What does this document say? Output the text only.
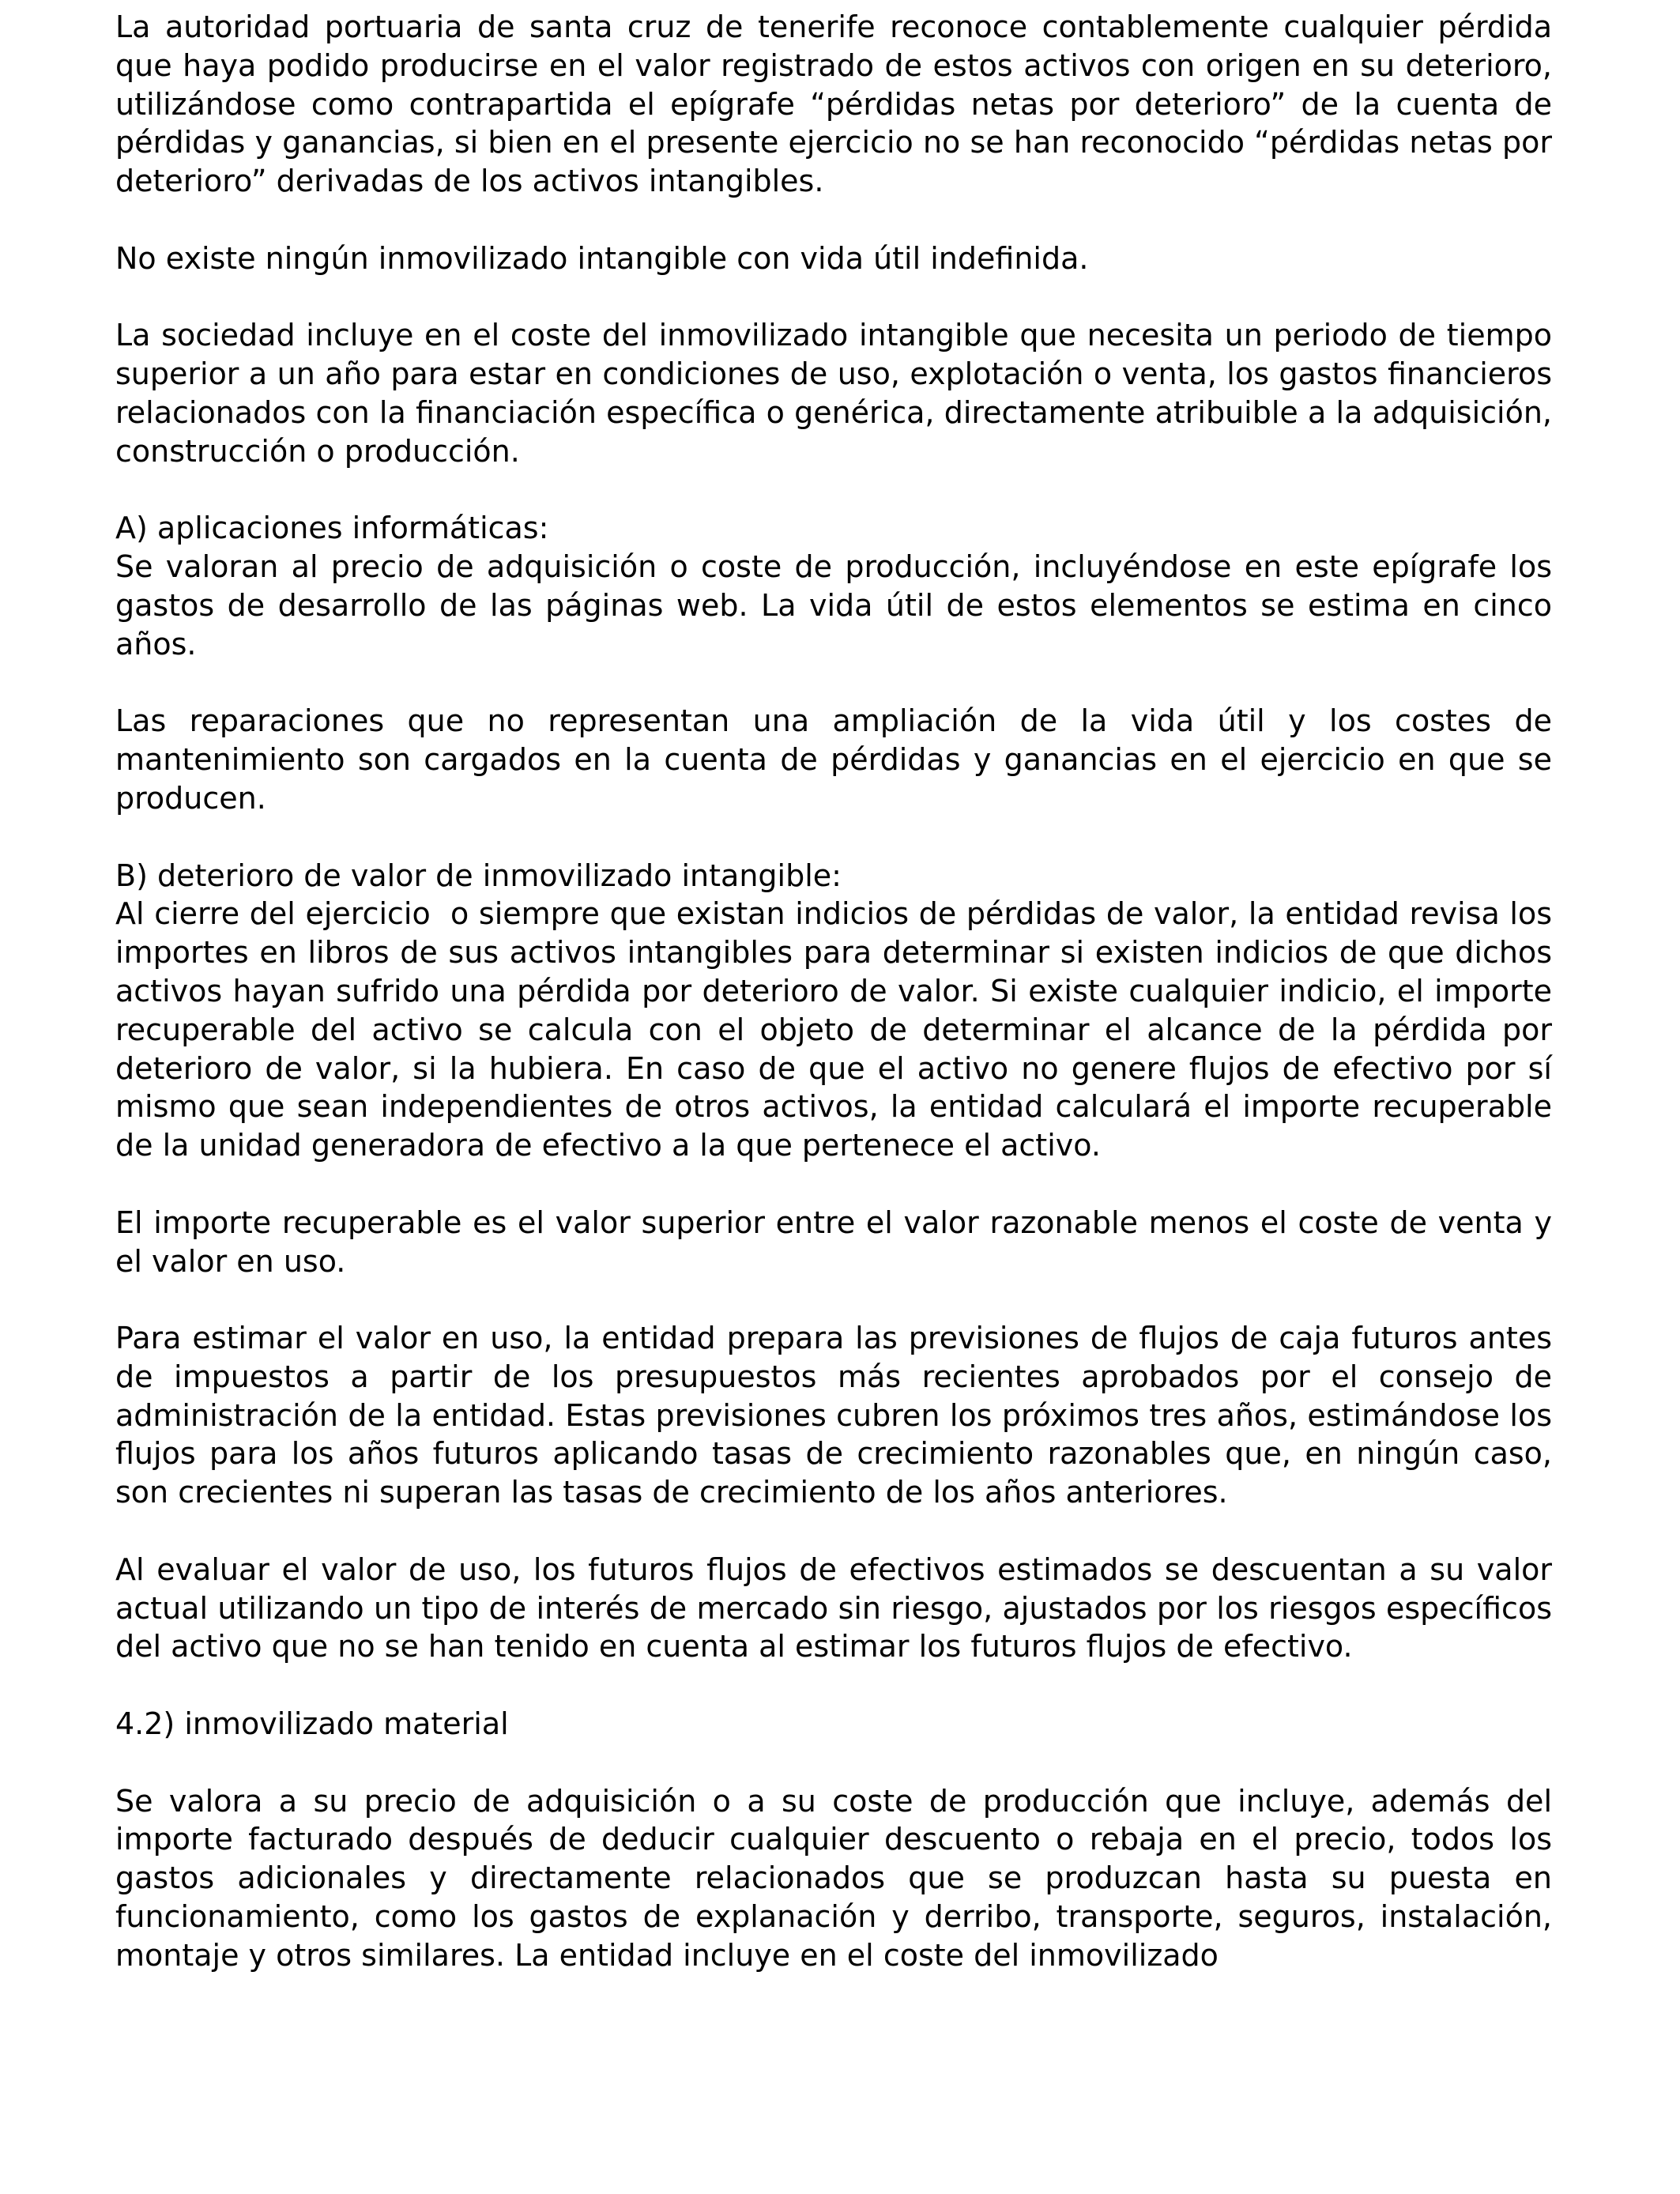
La autoridad portuaria de santa cruz de tenerife reconoce contablemente cualquier pérdida que haya podido producirse en el valor registrado de estos activos con origen en su deterioro, utilizándose como contrapartida el epígrafe “pérdidas netas por deterioro” de la cuenta de pérdidas y ganancias, si bien en el presente ejercicio no se han reconocido “pérdidas netas por deterioro” derivadas de los activos intangibles.

No existe ningún inmovilizado intangible con vida útil indefinida.

La sociedad incluye en el coste del inmovilizado intangible que necesita un periodo de tiempo superior a un año para estar en condiciones de uso, explotación o venta, los gastos financieros relacionados con la financiación específica o genérica, directamente atribuible a la adquisición, construcción o producción.

A) aplicaciones informáticas:

Se valoran al precio de adquisición o coste de producción, incluyéndose en este epígrafe los gastos de desarrollo de las páginas web. La vida útil de estos elementos se estima en cinco años.

Las reparaciones que no representan una ampliación de la vida útil y los costes de mantenimiento son cargados en la cuenta de pérdidas y ganancias en el ejercicio en que se producen.

B) deterioro de valor de inmovilizado intangible:

Al cierre del ejercicio  o siempre que existan indicios de pérdidas de valor, la entidad revisa los importes en libros de sus activos intangibles para determinar si existen indicios de que dichos activos hayan sufrido una pérdida por deterioro de valor. Si existe cualquier indicio, el importe recuperable del activo se calcula con el objeto de determinar el alcance de la pérdida por deterioro de valor, si la hubiera. En caso de que el activo no genere flujos de efectivo por sí mismo que sean independientes de otros activos, la entidad calculará el importe recuperable de la unidad generadora de efectivo a la que pertenece el activo.

El importe recuperable es el valor superior entre el valor razonable menos el coste de venta y el valor en uso.

Para estimar el valor en uso, la entidad prepara las previsiones de flujos de caja futuros antes de impuestos a partir de los presupuestos más recientes aprobados por el consejo de administración de la entidad. Estas previsiones cubren los próximos tres años, estimándose los flujos para los años futuros aplicando tasas de crecimiento razonables que, en ningún caso, son crecientes ni superan las tasas de crecimiento de los años anteriores.

Al evaluar el valor de uso, los futuros flujos de efectivos estimados se descuentan a su valor actual utilizando un tipo de interés de mercado sin riesgo, ajustados por los riesgos específicos del activo que no se han tenido en cuenta al estimar los futuros flujos de efectivo.

4.2) inmovilizado material

Se valora a su precio de adquisición o a su coste de producción que incluye, además del importe facturado después de deducir cualquier descuento o rebaja en el precio, todos los gastos adicionales y directamente relacionados que se produzcan hasta su puesta en funcionamiento, como los gastos de explanación y derribo, transporte, seguros, instalación, montaje y otros similares. La entidad incluye en el coste del inmovilizado
